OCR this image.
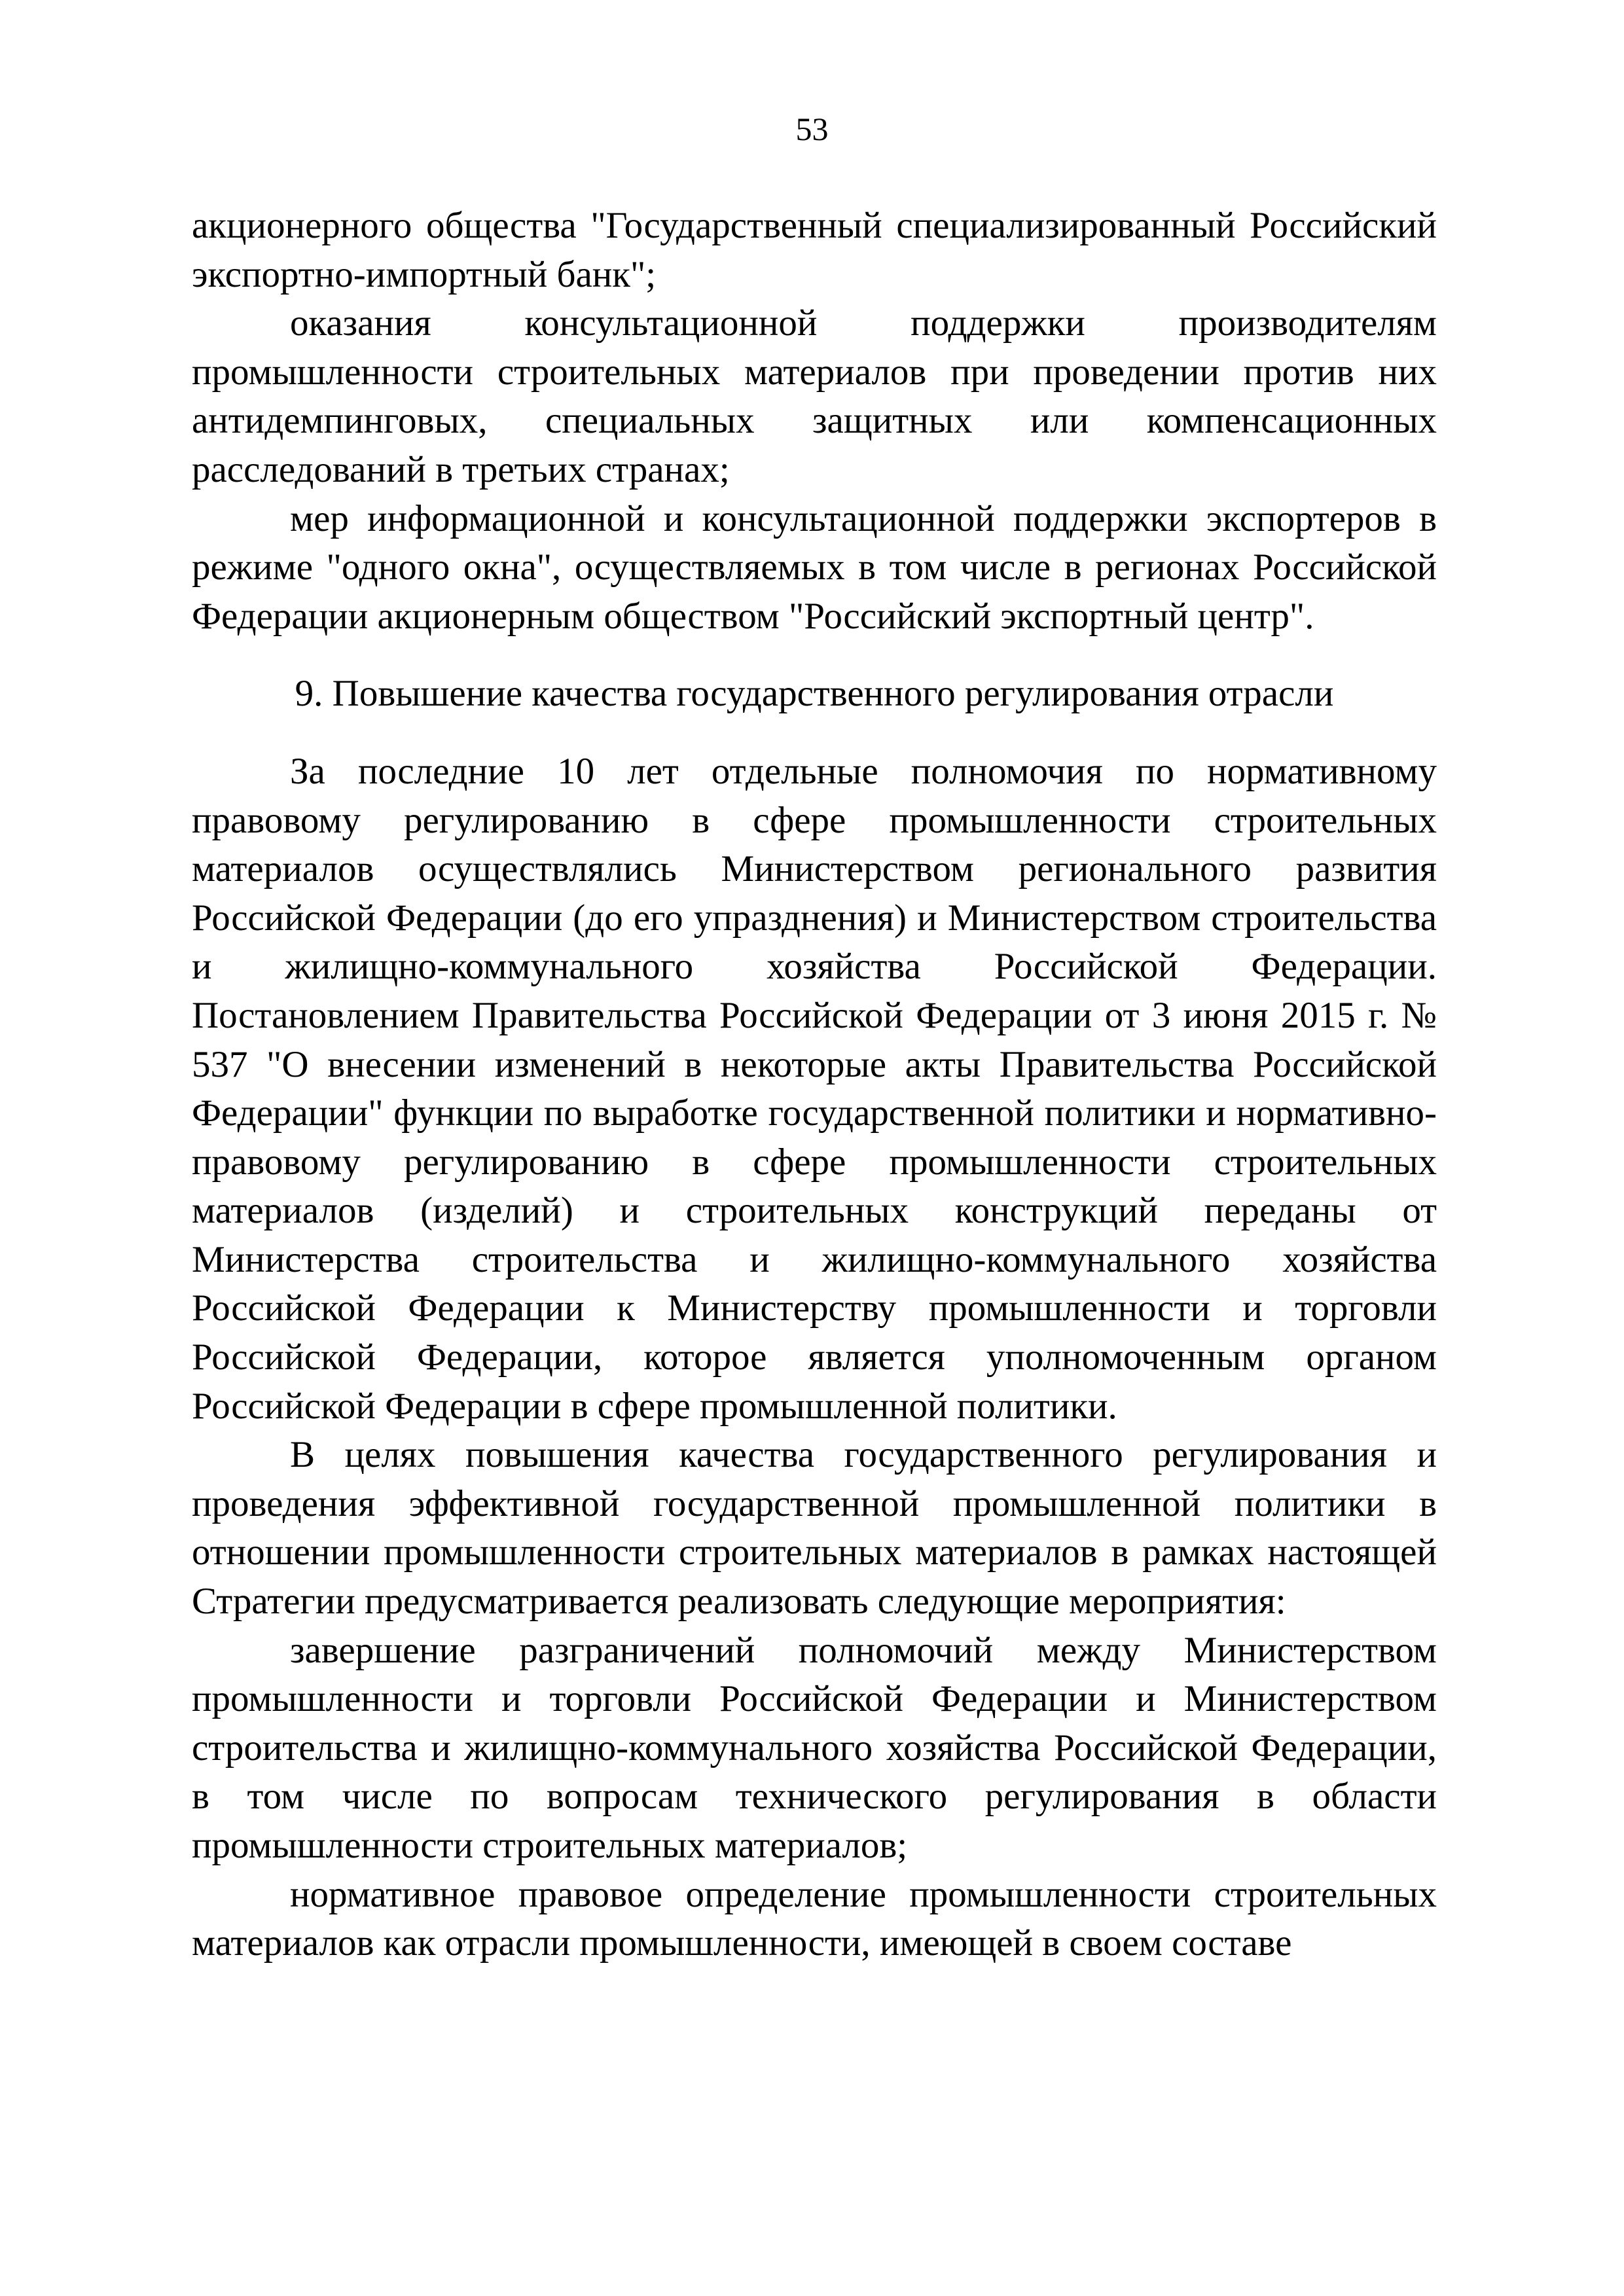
53

акционерного общества "Государственный специализированный Российский экспортно-импортный банк";

оказания консультационной поддержки производителям промышленности строительных материалов при проведении против них антидемпинговых, специальных защитных или компенсационных расследований в третьих странах;

мер информационной и консультационной поддержки экспортеров в режиме "одного окна", осуществляемых в том числе в регионах Российской Федерации акционерным обществом "Российский экспортный центр".

9. Повышение качества государственного регулирования отрасли

За последние 10 лет отдельные полномочия по нормативному правовому регулированию в сфере промышленности строительных материалов осуществлялись Министерством регионального развития Российской Федерации (до его упразднения) и Министерством строительства и жилищно-коммунального хозяйства Российской Федерации. Постановлением Правительства Российской Федерации от 3 июня 2015 г. № 537 "О внесении изменений в некоторые акты Правительства Российской Федерации" функции по выработке государственной политики и нормативно-правовому регулированию в сфере промышленности строительных материалов (изделий) и строительных конструкций переданы от Министерства строительства и жилищно-коммунального хозяйства Российской Федерации к Министерству промышленности и торговли Российской Федерации, которое является уполномоченным органом Российской Федерации в сфере промышленной политики.

В целях повышения качества государственного регулирования и проведения эффективной государственной промышленной политики в отношении промышленности строительных материалов в рамках настоящей Стратегии предусматривается реализовать следующие мероприятия:

завершение разграничений полномочий между Министерством промышленности и торговли Российской Федерации и Министерством строительства и жилищно-коммунального хозяйства Российской Федерации, в том числе по вопросам технического регулирования в области промышленности строительных материалов;

нормативное правовое определение промышленности строительных материалов как отрасли промышленности, имеющей в своем составе
